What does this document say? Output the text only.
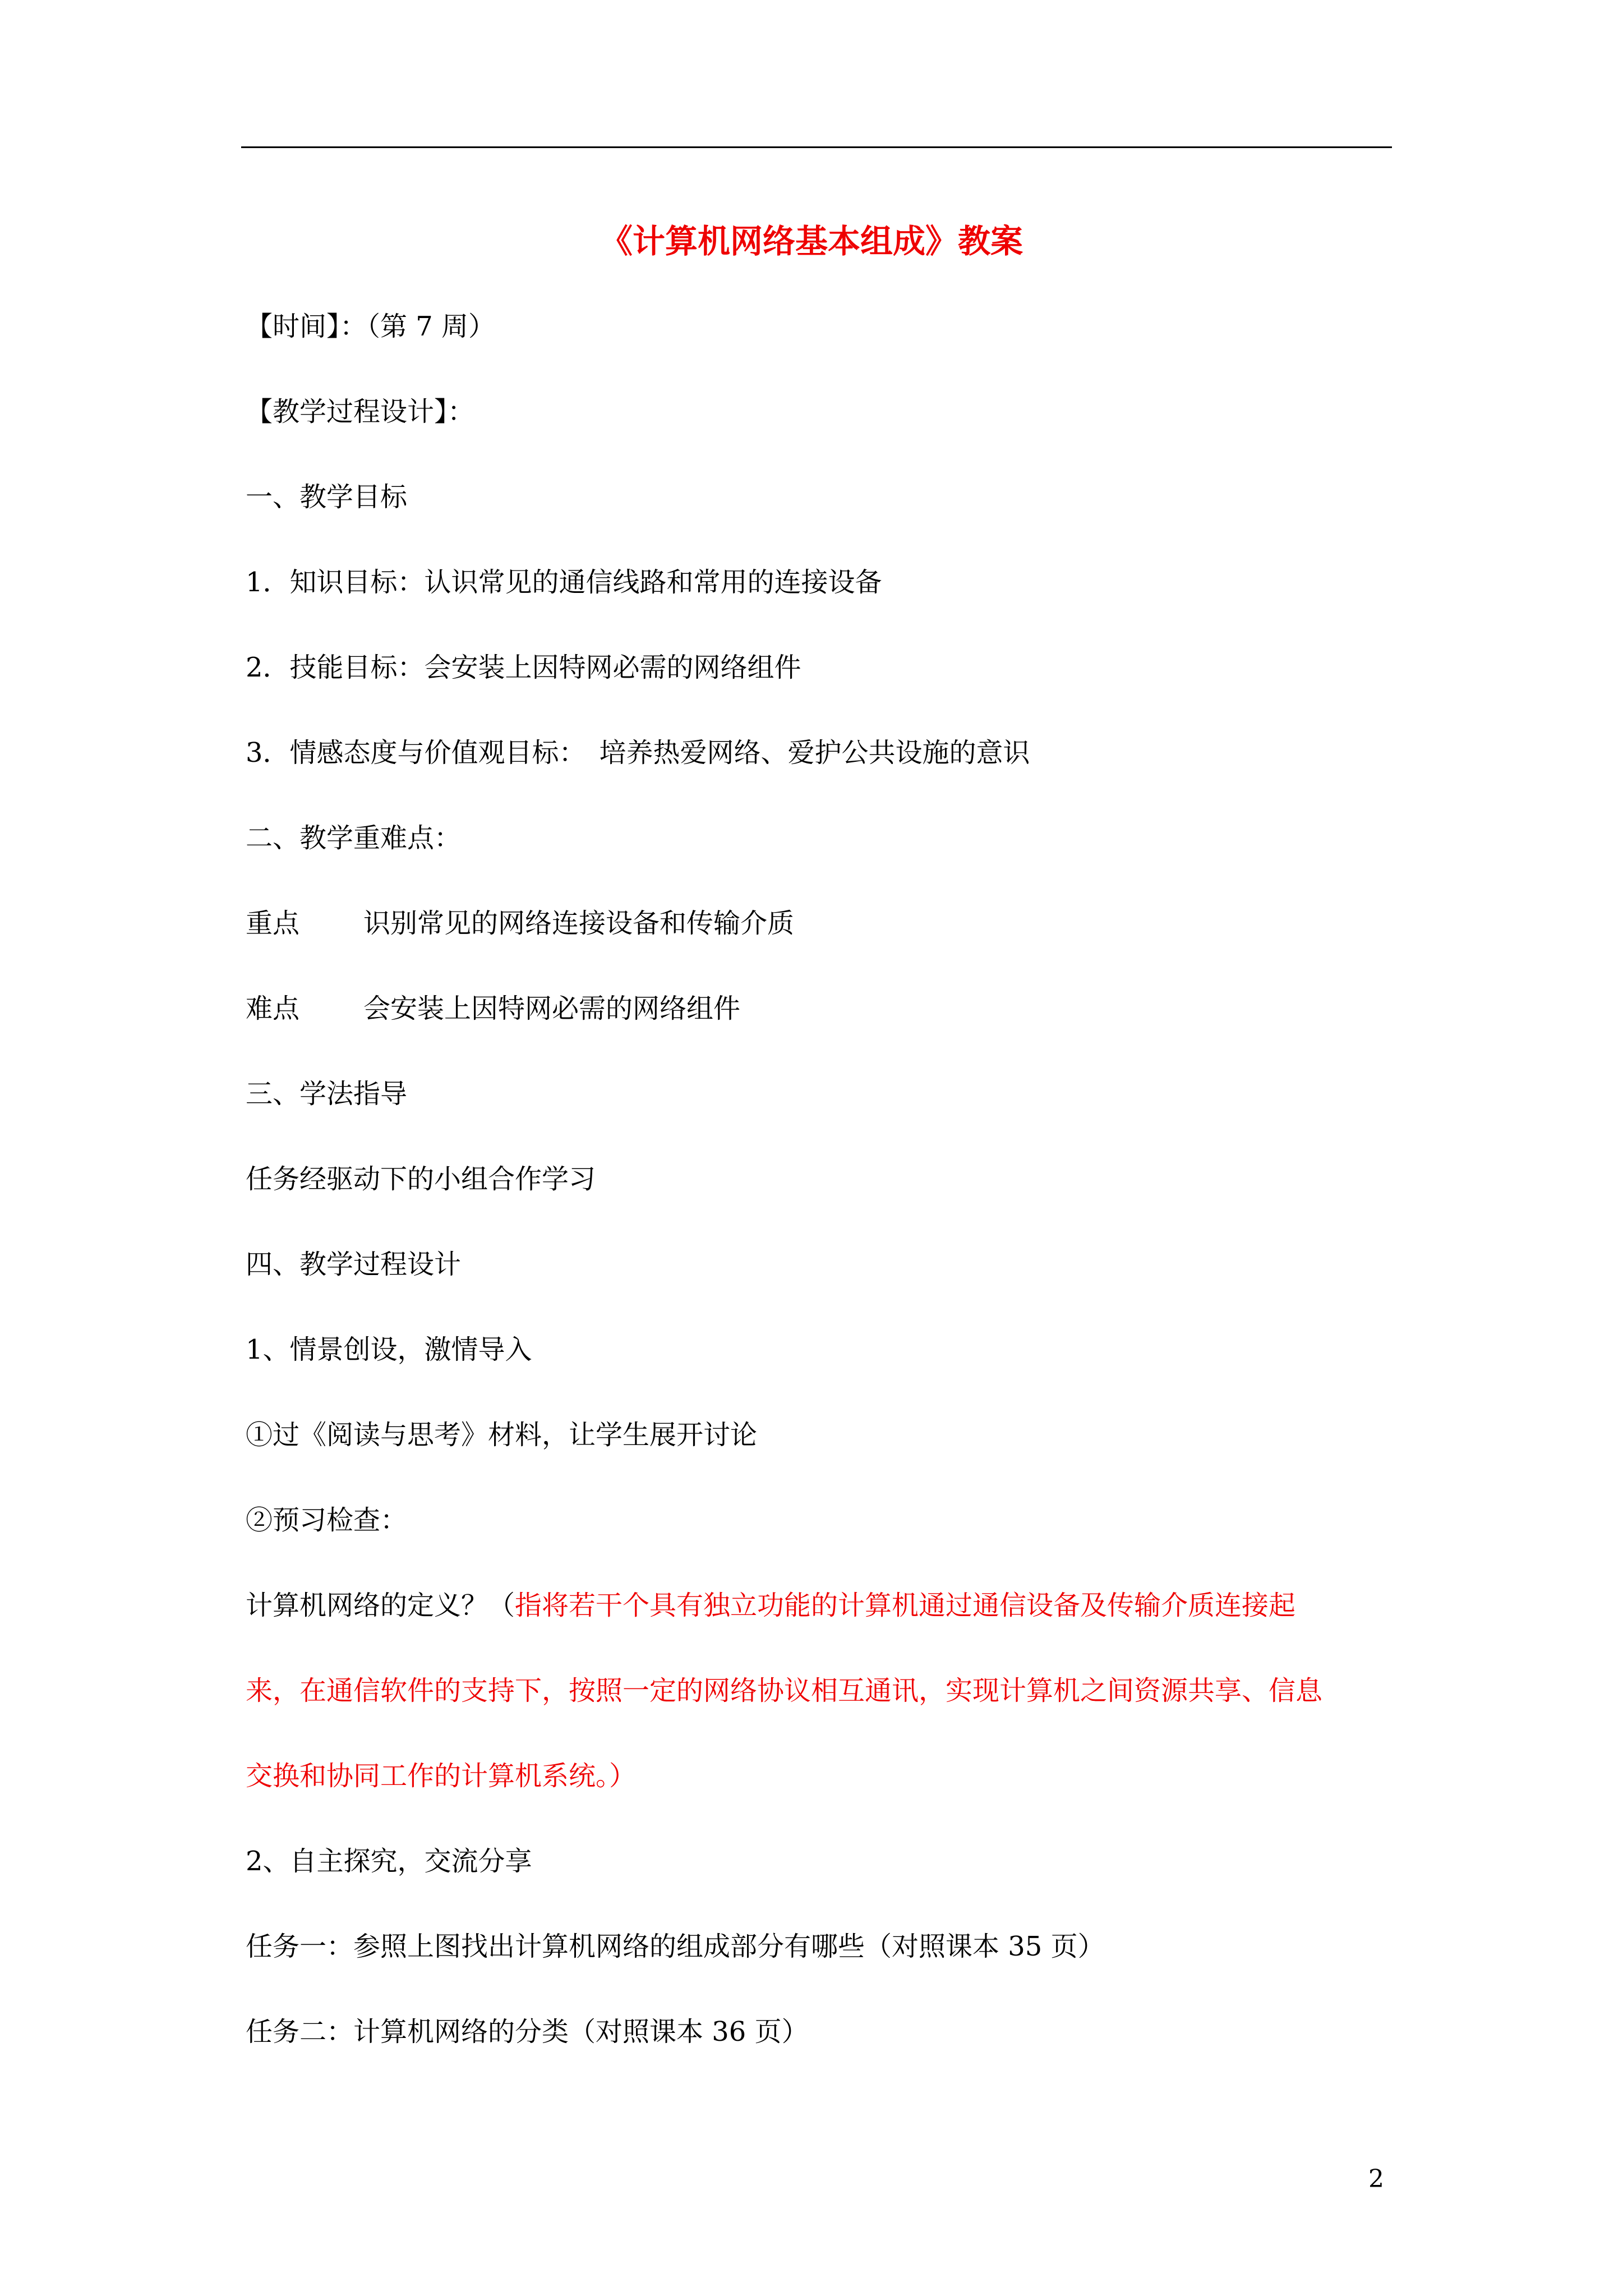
《计算机网络基本组成》教案
【时间】：（第 7 周）
【教学过程设计】：
一、教学目标
1．知识目标：认识常见的通信线路和常用的连接设备
2．技能目标：会安装上因特网必需的网络组件
3．情感态度与价值观目标：　培养热爱网络、爱护公共设施的意识
二、教学重难点：
重点 识别常见的网络连接设备和传输介质
难点 会安装上因特网必需的网络组件
三、学法指导
任务经驱动下的小组合作学习
四、教学过程设计
1、情景创设，激情导入
①过《阅读与思考》材料，让学生展开讨论
②预习检查：
计算机网络的定义？（指将若干个具有独立功能的计算机通过通信设备及传输介质连接起
来，在通信软件的支持下，按照一定的网络协议相互通讯，实现计算机之间资源共享、信息
交换和协同工作的计算机系统。）
2、自主探究，交流分享
任务一：参照上图找出计算机网络的组成部分有哪些（对照课本 35 页）
任务二：计算机网络的分类（对照课本 36 页）
2
